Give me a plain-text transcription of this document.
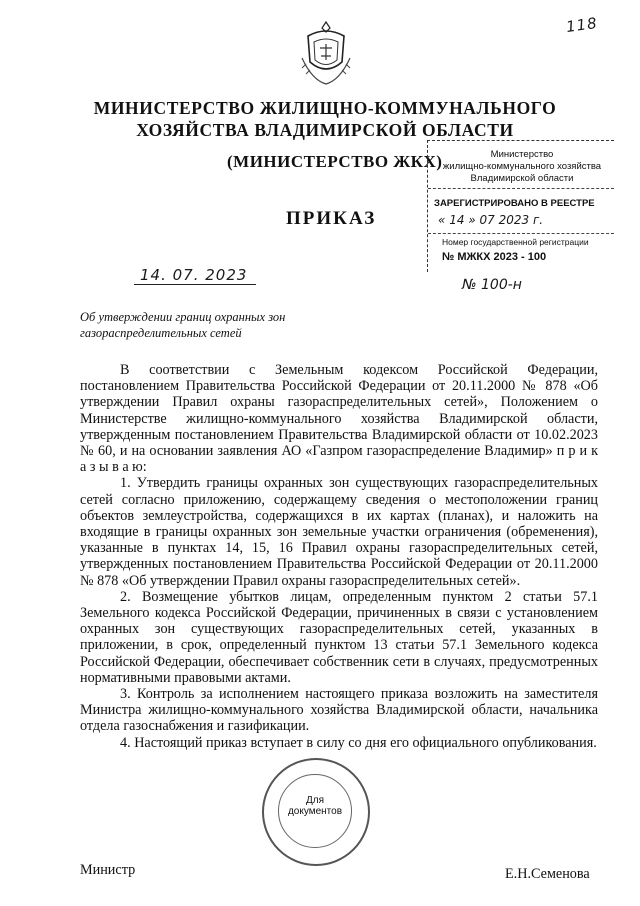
118
МИНИСТЕРСТВО ЖИЛИЩНО-КОММУНАЛЬНОГО
ХОЗЯЙСТВА ВЛАДИМИРСКОЙ ОБЛАСТИ
(МИНИСТЕРСТВО ЖКХ)
ПРИКАЗ
Министерство
жилищно-коммунального хозяйства
Владимирской области
ЗАРЕГИСТРИРОВАНО В РЕЕСТРЕ
« 14 » 07 2023 г.
Номер государственной регистрации
№ МЖКХ 2023 - 100
14. 07. 2023
№ 100-н
Об утверждении границ охранных зон
газораспределительных сетей

В соответствии с Земельным кодексом Российской Федерации, постановлением Правительства Российской Федерации от 20.11.2000 № 878 «Об утверждении Правил охраны газораспределительных сетей», Положением о Министерстве жилищно-коммунального хозяйства Владимирской области, утвержденным постановлением Правительства Владимирской области от 10.02.2023 № 60, и на основании заявления АО «Газпром газораспределение Владимир» п р и к а з ы в а ю:

1. Утвердить границы охранных зон существующих газораспределительных сетей согласно приложению, содержащему сведения о местоположении границ объектов землеустройства, содержащихся в их картах (планах), и наложить на входящие в границы охранных зон земельные участки ограничения (обременения), указанные в пунктах 14, 15, 16 Правил охраны газораспределительных сетей, утвержденных постановлением Правительства Российской Федерации от 20.11.2000 № 878 «Об утверждении Правил охраны газораспределительных сетей».

2. Возмещение убытков лицам, определенным пунктом 2 статьи 57.1 Земельного кодекса Российской Федерации, причиненных в связи с установлением охранных зон существующих газораспределительных сетей, указанных в приложении, в срок, определенный пунктом 13 статьи 57.1 Земельного кодекса Российской Федерации, обеспечивает собственник сети в случаях, предусмотренных нормативными правовыми актами.

3. Контроль за исполнением настоящего приказа возложить на заместителя Министра жилищно-коммунального хозяйства Владимирской области, начальника отдела газоснабжения и газификации.

4. Настоящий приказ вступает в силу со дня его официального опубликования.

Для
документов
Министр	Е.Н.Семенова
